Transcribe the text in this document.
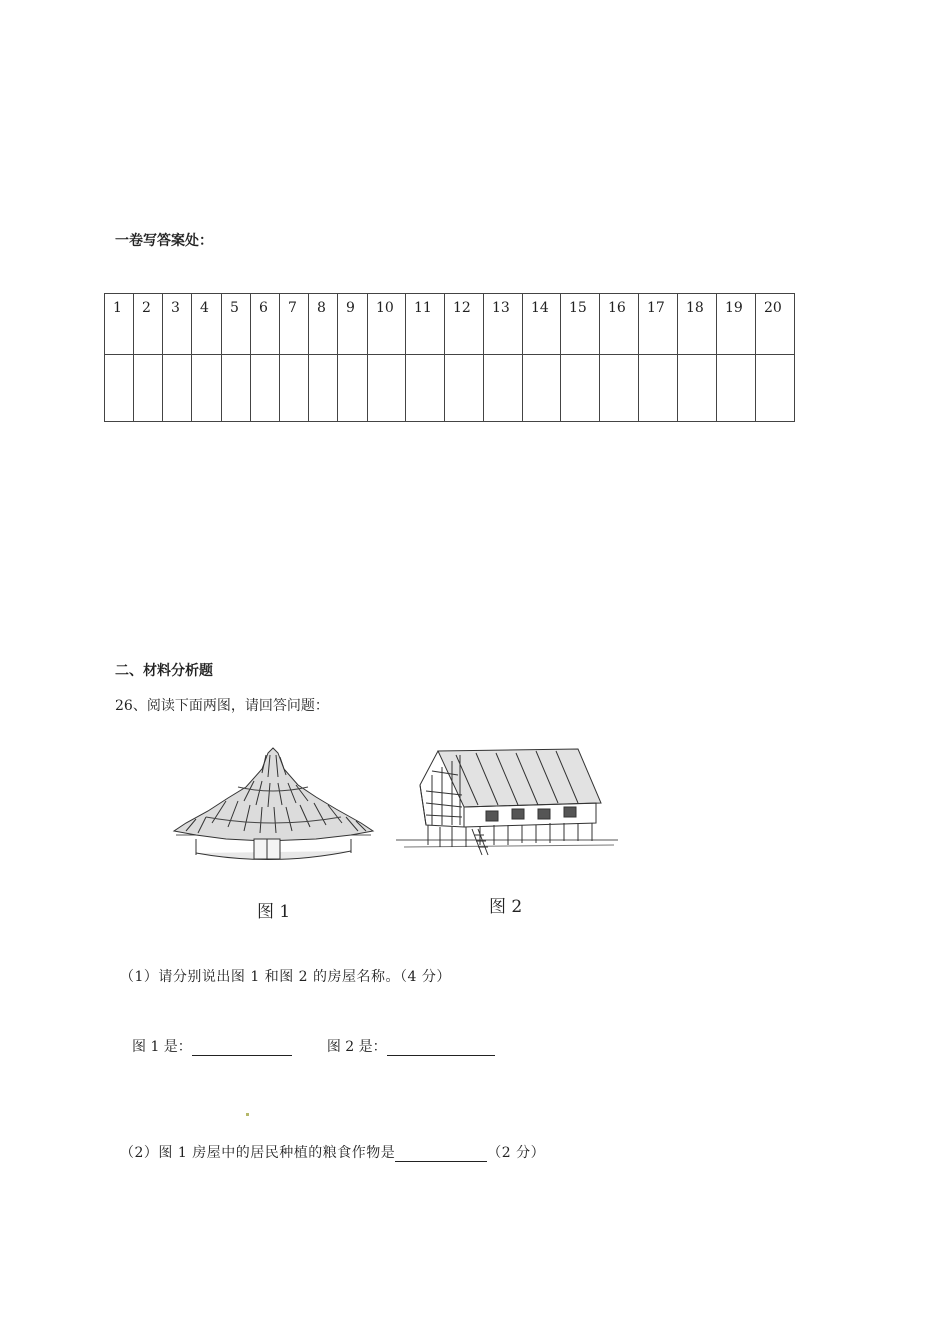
一卷写答案处：
1	2	3	4	5	6	7	8	9	10	11	12	13	14	15	16	17	18	19	20

二、材料分析题
26、阅读下面两图，请回答问题：
图 1	图 2
（1）请分别说出图 1 和图 2 的房屋名称。（4 分）
图 1 是：	图 2 是：
（2）图 1 房屋中的居民种植的粮食作物是	（2 分）
